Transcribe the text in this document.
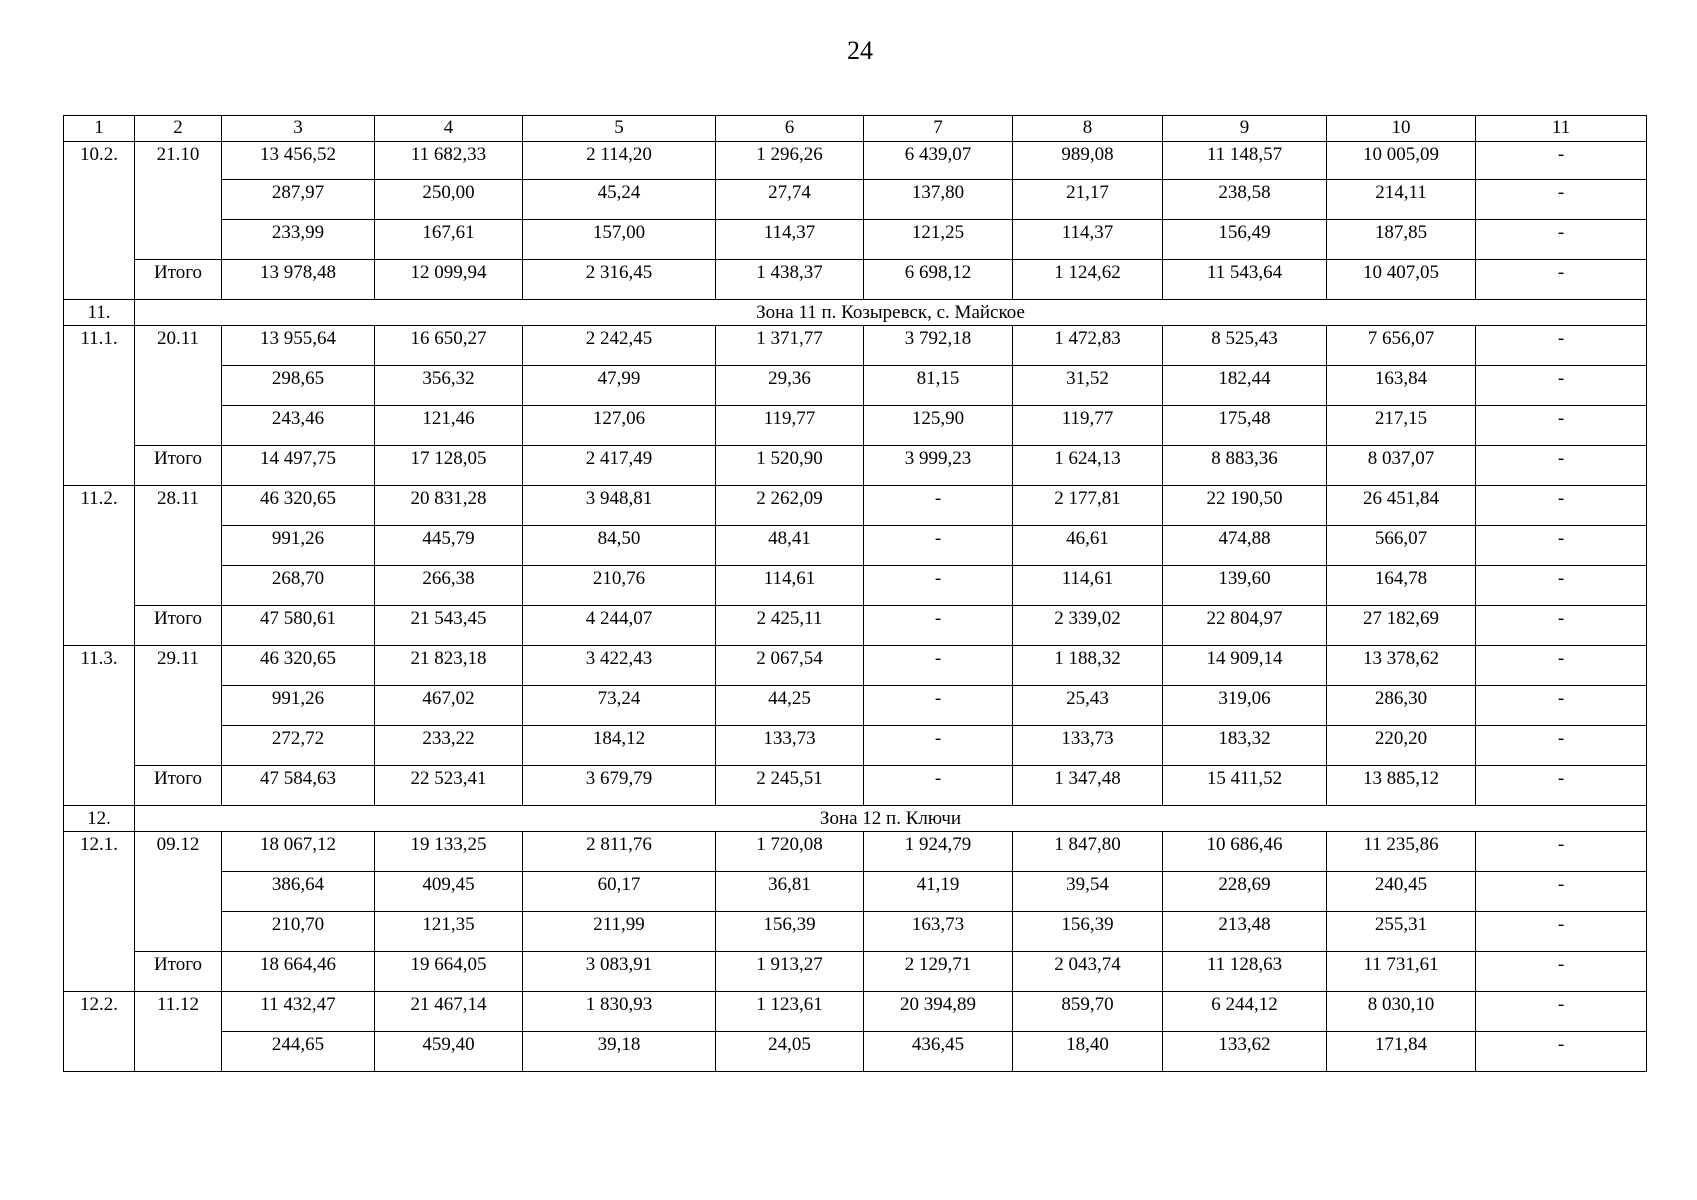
24
1	2	3	4	5	6	7	8	9	10	11
10.2.	21.10	13 456,52	11 682,33	2 114,20	1 296,26	6 439,07	989,08	11 148,57	10 005,09	-
		287,97	250,00	45,24	27,74	137,80	21,17	238,58	214,11	-
		233,99	167,61	157,00	114,37	121,25	114,37	156,49	187,85	-
	Итого	13 978,48	12 099,94	2 316,45	1 438,37	6 698,12	1 124,62	11 543,64	10 407,05	-
11.	Зона 11 п. Козыревск, с. Майское									
11.1.	20.11	13 955,64	16 650,27	2 242,45	1 371,77	3 792,18	1 472,83	8 525,43	7 656,07	-
		298,65	356,32	47,99	29,36	81,15	31,52	182,44	163,84	-
		243,46	121,46	127,06	119,77	125,90	119,77	175,48	217,15	-
	Итого	14 497,75	17 128,05	2 417,49	1 520,90	3 999,23	1 624,13	8 883,36	8 037,07	-
11.2.	28.11	46 320,65	20 831,28	3 948,81	2 262,09	-	2 177,81	22 190,50	26 451,84	-
		991,26	445,79	84,50	48,41	-	46,61	474,88	566,07	-
		268,70	266,38	210,76	114,61	-	114,61	139,60	164,78	-
	Итого	47 580,61	21 543,45	4 244,07	2 425,11	-	2 339,02	22 804,97	27 182,69	-
11.3.	29.11	46 320,65	21 823,18	3 422,43	2 067,54	-	1 188,32	14 909,14	13 378,62	-
		991,26	467,02	73,24	44,25	-	25,43	319,06	286,30	-
		272,72	233,22	184,12	133,73	-	133,73	183,32	220,20	-
	Итого	47 584,63	22 523,41	3 679,79	2 245,51	-	1 347,48	15 411,52	13 885,12	-
12.	Зона 12 п. Ключи									
12.1.	09.12	18 067,12	19 133,25	2 811,76	1 720,08	1 924,79	1 847,80	10 686,46	11 235,86	-
		386,64	409,45	60,17	36,81	41,19	39,54	228,69	240,45	-
		210,70	121,35	211,99	156,39	163,73	156,39	213,48	255,31	-
	Итого	18 664,46	19 664,05	3 083,91	1 913,27	2 129,71	2 043,74	11 128,63	11 731,61	-
12.2.	11.12	11 432,47	21 467,14	1 830,93	1 123,61	20 394,89	859,70	6 244,12	8 030,10	-
		244,65	459,40	39,18	24,05	436,45	18,40	133,62	171,84	-
